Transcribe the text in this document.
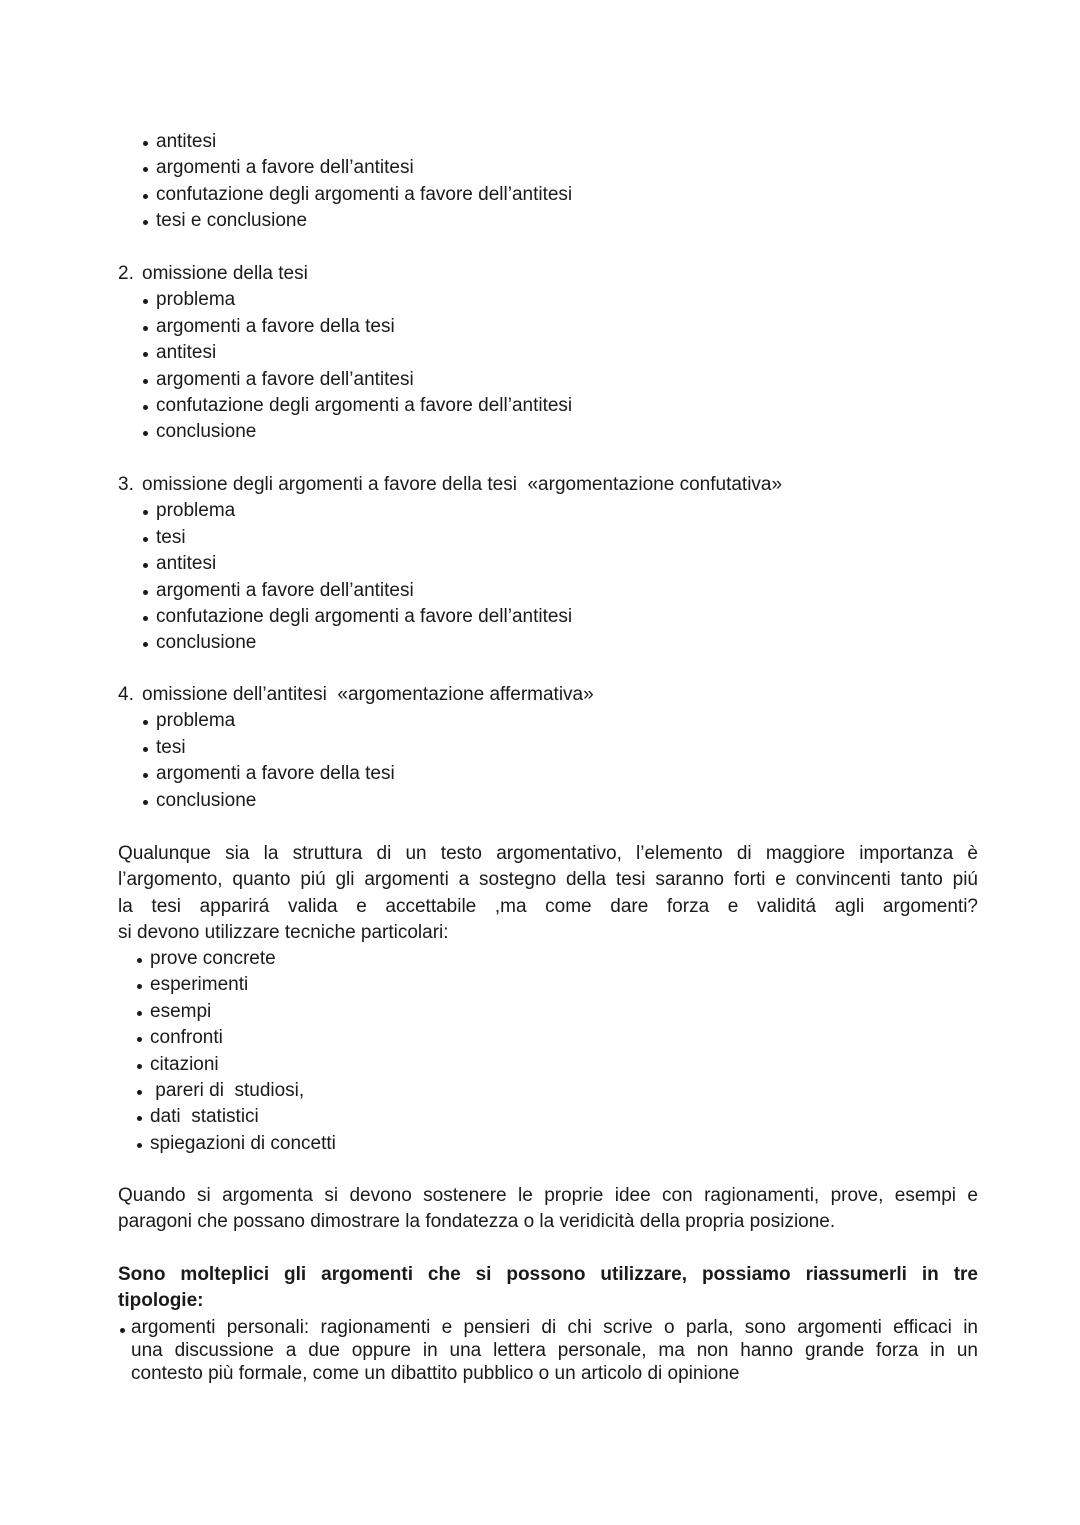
antitesi
argomenti a favore dell’antitesi
confutazione degli argomenti a favore dell’antitesi
tesi e conclusione
2. omissione della tesi
problema
argomenti a favore della tesi
antitesi
argomenti a favore dell’antitesi
confutazione degli argomenti a favore dell’antitesi
conclusione
3. omissione degli argomenti a favore della tesi  «argomentazione confutativa»
problema
tesi
antitesi
argomenti a favore dell’antitesi
confutazione degli argomenti a favore dell’antitesi
conclusione
4. omissione dell’antitesi  «argomentazione affermativa»
problema
tesi
argomenti a favore della tesi
conclusione
Qualunque sia la struttura di un testo argomentativo, l’elemento di maggiore importanza è
l’argomento, quanto piú gli argomenti a sostegno della tesi saranno forti e convincenti tanto piú
la tesi apparirá valida e accettabile ,ma come dare forza e validitá agli argomenti?
si devono utilizzare tecniche particolari:
prove concrete
esperimenti
esempi
confronti
citazioni
pareri di  studiosi,
dati  statistici
spiegazioni di concetti
Quando si argomenta si devono sostenere le proprie idee con ragionamenti, prove, esempi e
paragoni che possano dimostrare la fondatezza o la veridicità della propria posizione.
Sono molteplici gli argomenti che si possono utilizzare, possiamo riassumerli in tre
tipologie:
argomenti personali: ragionamenti e pensieri di chi scrive o parla, sono argomenti efficaci in
una discussione a due oppure in una lettera personale, ma non hanno grande forza in un
contesto più formale, come un dibattito pubblico o un articolo di opinione
